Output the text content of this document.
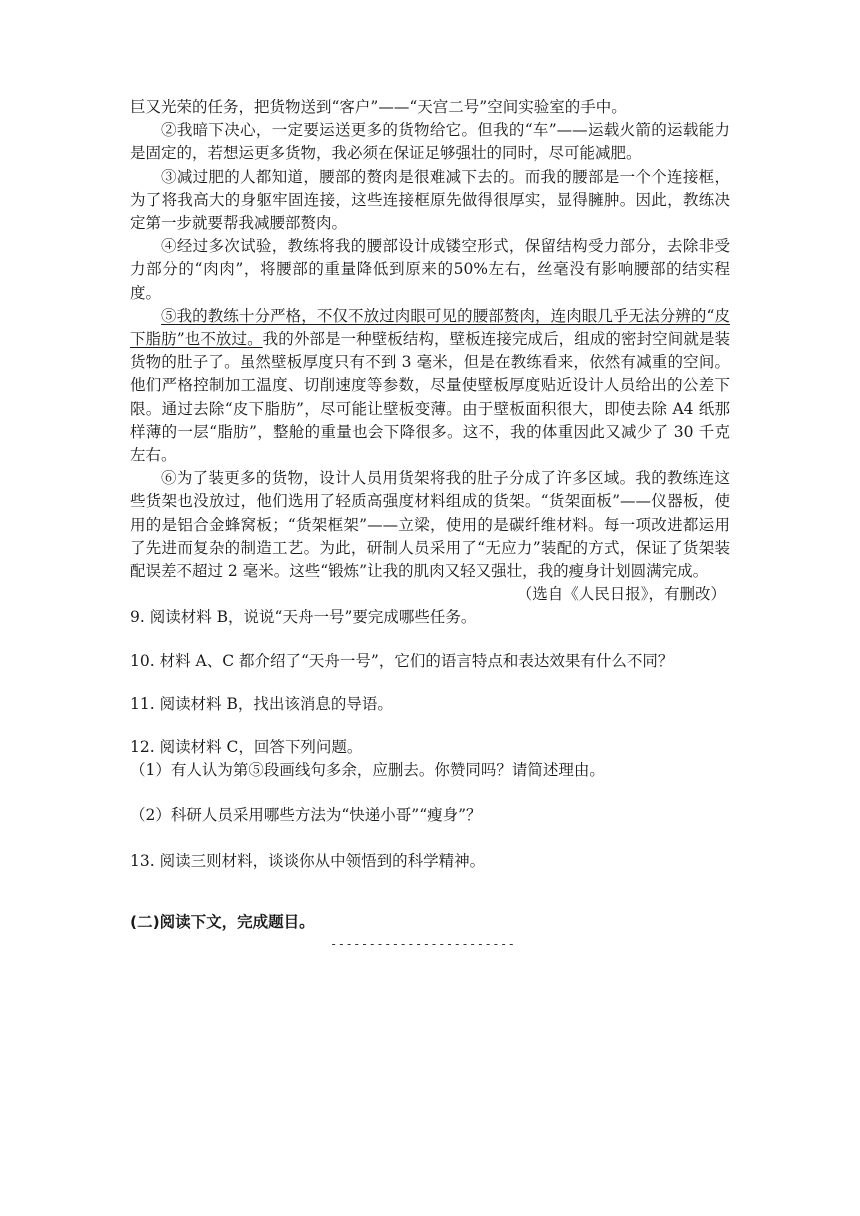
巨又光荣的任务，把货物送到“客户”——“天宫二号”空间实验室的手中。

②我暗下决心，一定要运送更多的货物给它。但我的“车”——运载火箭的运载能力是固定的，若想运更多货物，我必须在保证足够强壮的同时，尽可能减肥。

③减过肥的人都知道，腰部的赘肉是很难减下去的。而我的腰部是一个个连接框，为了将我高大的身躯牢固连接，这些连接框原先做得很厚实，显得臃肿。因此，教练决定第一步就要帮我减腰部赘肉。

④经过多次试验，教练将我的腰部设计成镂空形式，保留结构受力部分，去除非受力部分的“肉肉”，将腰部的重量降低到原来的50%左右，丝毫没有影响腰部的结实程度。

⑤我的教练十分严格，不仅不放过肉眼可见的腰部赘肉，连肉眼几乎无法分辨的“皮下脂肪”也不放过。我的外部是一种壁板结构，壁板连接完成后，组成的密封空间就是装货物的肚子了。虽然壁板厚度只有不到 3 毫米，但是在教练看来，依然有减重的空间。他们严格控制加工温度、切削速度等参数，尽量使壁板厚度贴近设计人员给出的公差下限。通过去除“皮下脂肪”，尽可能让壁板变薄。由于壁板面积很大，即使去除 A4 纸那样薄的一层“脂肪”，整舱的重量也会下降很多。这不，我的体重因此又减少了 30 千克左右。

⑥为了装更多的货物，设计人员用货架将我的肚子分成了许多区域。我的教练连这些货架也没放过，他们选用了轻质高强度材料组成的货架。“货架面板”——仪器板，使用的是铝合金蜂窝板；“货架框架”——立梁，使用的是碳纤维材料。每一项改进都运用了先进而复杂的制造工艺。为此，研制人员采用了“无应力”装配的方式，保证了货架装配误差不超过 2 毫米。这些“锻炼”让我的肌肉又轻又强壮，我的瘦身计划圆满完成。

（选自《人民日报》，有删改）

9. 阅读材料 B，说说“天舟一号”要完成哪些任务。

10. 材料 A、C 都介绍了“天舟一号”，它们的语言特点和表达效果有什么不同？

11. 阅读材料 B，找出该消息的导语。

12. 阅读材料 C，回答下列问题。

（1）有人认为第⑤段画线句多余，应删去。你赞同吗？请简述理由。

（2）科研人员采用哪些方法为“快递小哥”“瘦身”？

13. 阅读三则材料，谈谈你从中领悟到的科学精神。

(二)阅读下文，完成题目。

------------------------
